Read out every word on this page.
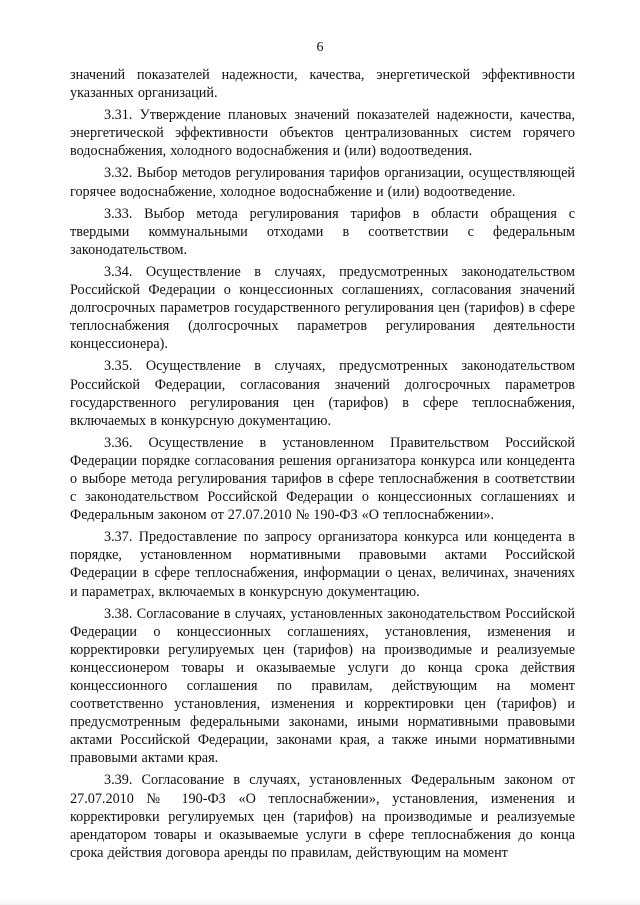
6

значений показателей надежности, качества, энергетической эффективности указанных организаций.

3.31. Утверждение плановых значений показателей надежности, качества, энергетической эффективности объектов централизованных систем горячего водоснабжения, холодного водоснабжения и (или) водоотведения.

3.32. Выбор методов регулирования тарифов организации, осуществляющей горячее водоснабжение, холодное водоснабжение и (или) водоотведение.

3.33. Выбор метода регулирования тарифов в области обращения с твердыми коммунальными отходами в соответствии с федеральным законодательством.

3.34. Осуществление в случаях, предусмотренных законодательством Российской Федерации о концессионных соглашениях, согласования значений долгосрочных параметров государственного регулирования цен (тарифов) в сфере теплоснабжения (долгосрочных параметров регулирования деятельности концессионера).

3.35. Осуществление в случаях, предусмотренных законодательством Российской Федерации, согласования значений долгосрочных параметров государственного регулирования цен (тарифов) в сфере теплоснабжения, включаемых в конкурсную документацию.

3.36. Осуществление в установленном Правительством Российской Федерации порядке согласования решения организатора конкурса или концедента о выборе метода регулирования тарифов в сфере теплоснабжения в соответствии с законодательством Российской Федерации о концессионных соглашениях и Федеральным законом от 27.07.2010 № 190-ФЗ «О теплоснабжении».

3.37. Предоставление по запросу организатора конкурса или концедента в порядке, установленном нормативными правовыми актами Российской Федерации в сфере теплоснабжения, информации о ценах, величинах, значениях и параметрах, включаемых в конкурсную документацию.

3.38. Согласование в случаях, установленных законодательством Российской Федерации о концессионных соглашениях, установления, изменения и корректировки регулируемых цен (тарифов) на производимые и реализуемые концессионером товары и оказываемые услуги до конца срока действия концессионного соглашения по правилам, действующим на момент соответственно установления, изменения и корректировки цен (тарифов) и предусмотренным федеральными законами, иными нормативными правовыми актами Российской Федерации, законами края, а также иными нормативными правовыми актами края.

3.39. Согласование в случаях, установленных Федеральным законом от 27.07.2010 № 190-ФЗ «О теплоснабжении», установления, изменения и корректировки регулируемых цен (тарифов) на производимые и реализуемые арендатором товары и оказываемые услуги в сфере теплоснабжения до конца срока действия договора аренды по правилам, действующим на момент
